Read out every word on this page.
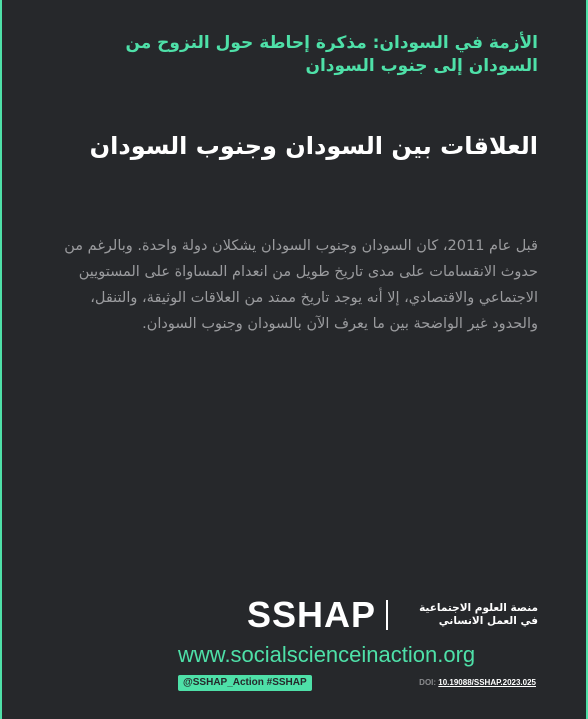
الأزمة في السودان: مذكرة إحاطة حول النزوح من السودان إلى جنوب السودان
العلاقات بين السودان وجنوب السودان

قبل عام 2011، كان السودان وجنوب السودان يشكلان دولة واحدة. وبالرغم من حدوث الانقسامات على مدى تاريخ طويل من انعدام المساواة على المستويين الاجتماعي والاقتصادي، إلا أنه يوجد تاريخ ممتد من العلاقات الوثيقة، والتنقل، والحدود غير الواضحة بين ما يعرف الآن بالسودان وجنوب السودان.

منصة العلوم الاجتماعية في العمل الانساني
SSHAP
www.socialscienceinaction.org
@SSHAP_Action #SSHAP	DOI: 10.19088/SSHAP.2023.025
